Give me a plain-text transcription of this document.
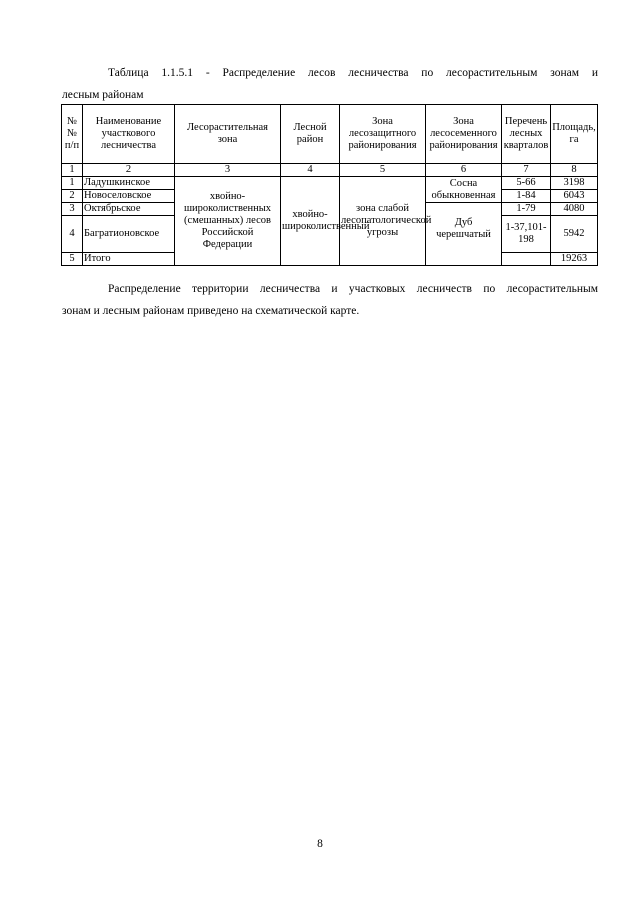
Таблица 1.1.5.1 - Распределение лесов лесничества по лесорастительным зонам и
лесным районам
№ № п/п	Наименование участкового лесничества	Лесорастительная зона	Лесной район	Зона лесозащитного районирования	Зона лесосеменного районирования	Перечень лесных кварталов	Площадь, га
1	2	3	4	5	6	7	8
1	Ладушкинское	хвойно-широколиственных (смешанных) лесов Российской Федерации	хвойно-широколиственный	зона слабой лесопатологической угрозы	Сосна обыкновенная	5-66	3198
2	Новоселовское					1-84	6043
3	Октябрьское				Дуб черешчатый	1-79	4080
4	Багратионовское					1-37,101-198	5942
5	Итого						19263
Распределение территории лесничества и участковых лесничеств по лесорастительным
зонам и лесным районам приведено на схематической карте.
8
